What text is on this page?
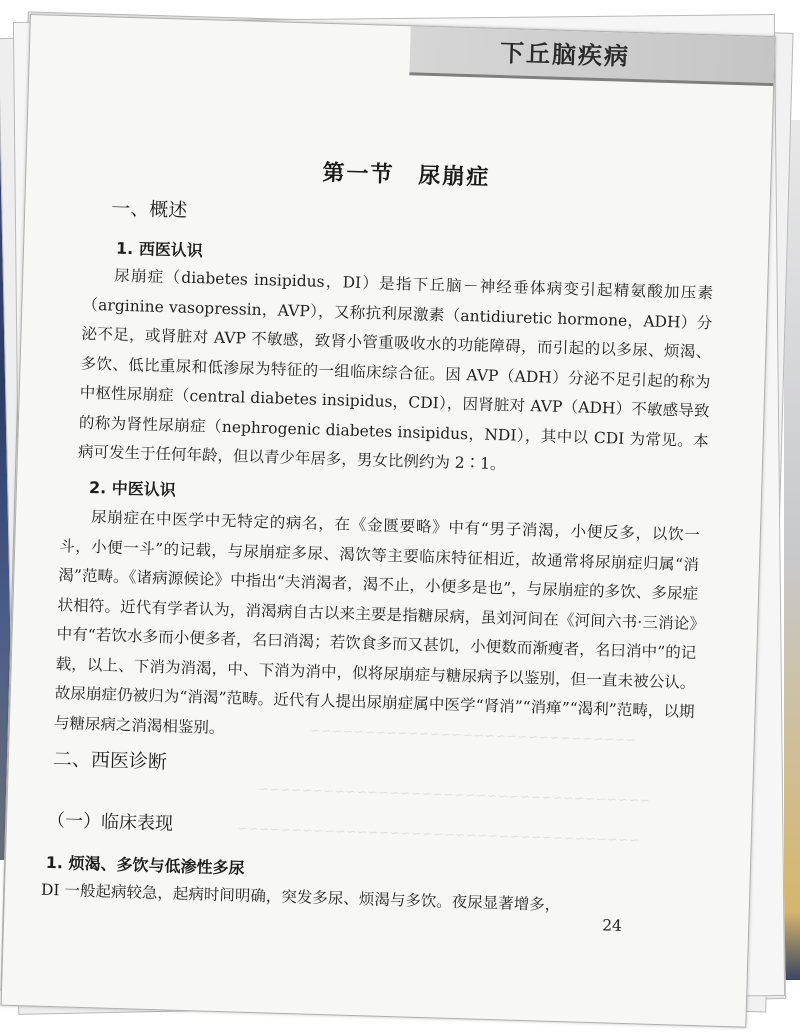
下丘脑疾病
第一节　尿崩症
一、概述
1. 西医认识
尿崩症（diabetes insipidus，DI）是指下丘脑－神经垂体病变引起精氨酸加压素（arginine vasopressin，AVP），又称抗利尿激素（antidiuretic hormone，ADH）分泌不足，或肾脏对 AVP 不敏感，致肾小管重吸收水的功能障碍，而引起的以多尿、烦渴、多饮、低比重尿和低渗尿为特征的一组临床综合征。因 AVP（ADH）分泌不足引起的称为中枢性尿崩症（central diabetes insipidus，CDI），因肾脏对 AVP（ADH）不敏感导致的称为肾性尿崩症（nephrogenic diabetes insipidus，NDI），其中以 CDI 为常见。本病可发生于任何年龄，但以青少年居多，男女比例约为 2∶1。
2. 中医认识
尿崩症在中医学中无特定的病名，在《金匮要略》中有“男子消渴，小便反多，以饮一斗，小便一斗”的记载，与尿崩症多尿、渴饮等主要临床特征相近，故通常将尿崩症归属“消渴”范畴。《诸病源候论》中指出“夫消渴者，渴不止，小便多是也”，与尿崩症的多饮、多尿症状相符。近代有学者认为，消渴病自古以来主要是指糖尿病，虽刘河间在《河间六书·三消论》中有“若饮水多而小便多者，名曰消渴；若饮食多而又甚饥，小便数而渐瘦者，名曰消中”的记载，以上、下消为消渴，中、下消为消中，似将尿崩症与糖尿病予以鉴别，但一直未被公认。故尿崩症仍被归为“消渴”范畴。近代有人提出尿崩症属中医学“肾消”“消瘅”“渴利”范畴，以期与糖尿病之消渴相鉴别。
二、西医诊断
（一）临床表现
1. 烦渴、多饮与低渗性多尿
DI 一般起病较急，起病时间明确，突发多尿、烦渴与多饮。夜尿显著增多，
24
~~~~~~~~~~~~~~~~~~~~~~~~~~~~~~
~~~~~~~~~~~~~~~~~~~~~~~~~~~~~~~~~~~~
~~~~~~~~~~~~~~~~~~~~~~~~~~~~~~~~~~~~~
